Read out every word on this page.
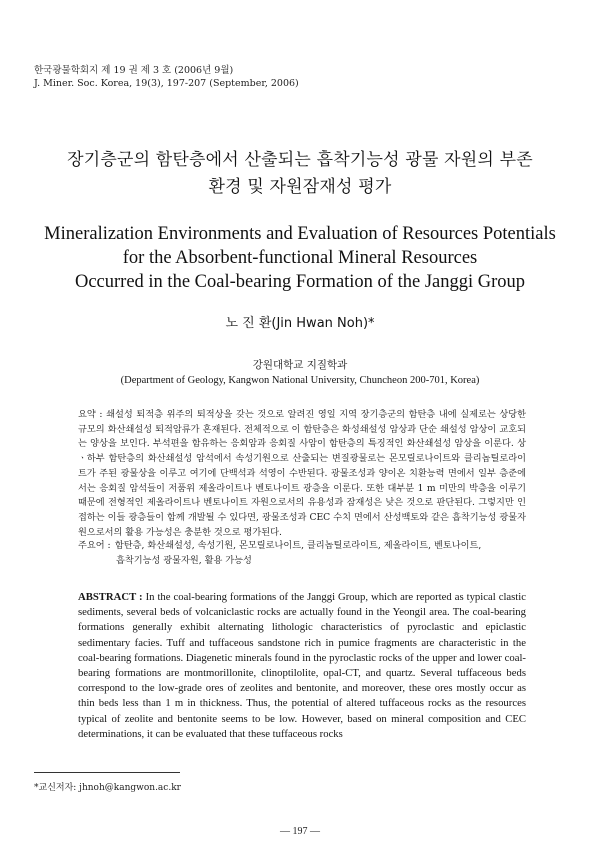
한국광물학회지 제 19 권 제 3 호 (2006년 9월)
J. Miner. Soc. Korea, 19(3), 197-207 (September, 2006)
장기층군의 함탄층에서 산출되는 흡착기능성 광물 자원의 부존
환경 및 자원잠재성 평가
Mineralization Environments and Evaluation of Resources Potentials
for the Absorbent-functional Mineral Resources
Occurred in the Coal-bearing Formation of the Janggi Group
노 진 환(Jin Hwan Noh)*
강원대학교 지질학과
(Department of Geology, Kangwon National University, Chuncheon 200-701, Korea)
요약 : 쇄설성 퇴적층 위주의 퇴적상을 갖는 것으로 알려진 영일 지역 장기층군의 함탄층 내에 실제로는 상당한 규모의 화산쇄설성 퇴적암류가 혼재된다. 전체적으로 이 함탄층은 화성쇄설성 암상과 단순 쇄설성 암상이 교호되는 양상을 보인다. 부석편을 함유하는 응회암과 응회질 사암이 함탄층의 특징적인 화산쇄설성 암상을 이룬다. 상ㆍ하부 함탄층의 화산쇄설성 암석에서 속성기원으로 산출되는 변질광물로는 몬모릴로나이트와 클리놉틸로라이트가 주된 광물상을 이루고 여기에 단백석과 석영이 수반된다. 광물조성과 양이온 치환능력 면에서 일부 층준에서는 응회질 암석들이 저품위 제올라이트나 벤토나이트 광층을 이룬다. 또한 대부분 1 m 미만의 박층을 이루기 때문에 전형적인 제올라이트나 벤토나이트 자원으로서의 유용성과 잠재성은 낮은 것으로 판단된다. 그렇지만 인접하는 이들 광층들이 함께 개발될 수 있다면, 광물조성과 CEC 수치 면에서 산성백토와 같은 흡착기능성 광물자원으로서의 활용 가능성은 충분한 것으로 평가된다.
주요어 : 함탄층, 화산쇄설성, 속성기원, 몬모릴로나이트, 클리놉틸로라이트, 제올라이트, 벤토나이트,
흡착기능성 광물자원, 활용 가능성
ABSTRACT : In the coal-bearing formations of the Janggi Group, which are reported as typical clastic sediments, several beds of volcaniclastic rocks are actually found in the Yeongil area. The coal-bearing formations generally exhibit alternating lithologic characteristics of pyroclastic and epiclastic sedimentary facies. Tuff and tuffaceous sandstone rich in pumice fragments are characteristic in the coal-bearing formations. Diagenetic minerals found in the pyroclastic rocks of the upper and lower coal-bearing formations are montmorillonite, clinoptilolite, opal-CT, and quartz. Several tuffaceous beds correspond to the low-grade ores of zeolites and bentonite, and moreover, these ores mostly occur as thin beds less than 1 m in thickness. Thus, the potential of altered tuffaceous rocks as the resources typical of zeolite and bentonite seems to be low. However, based on mineral composition and CEC determinations, it can be evaluated that these tuffaceous rocks
*교신저자: jhnoh@kangwon.ac.kr
— 197 —
